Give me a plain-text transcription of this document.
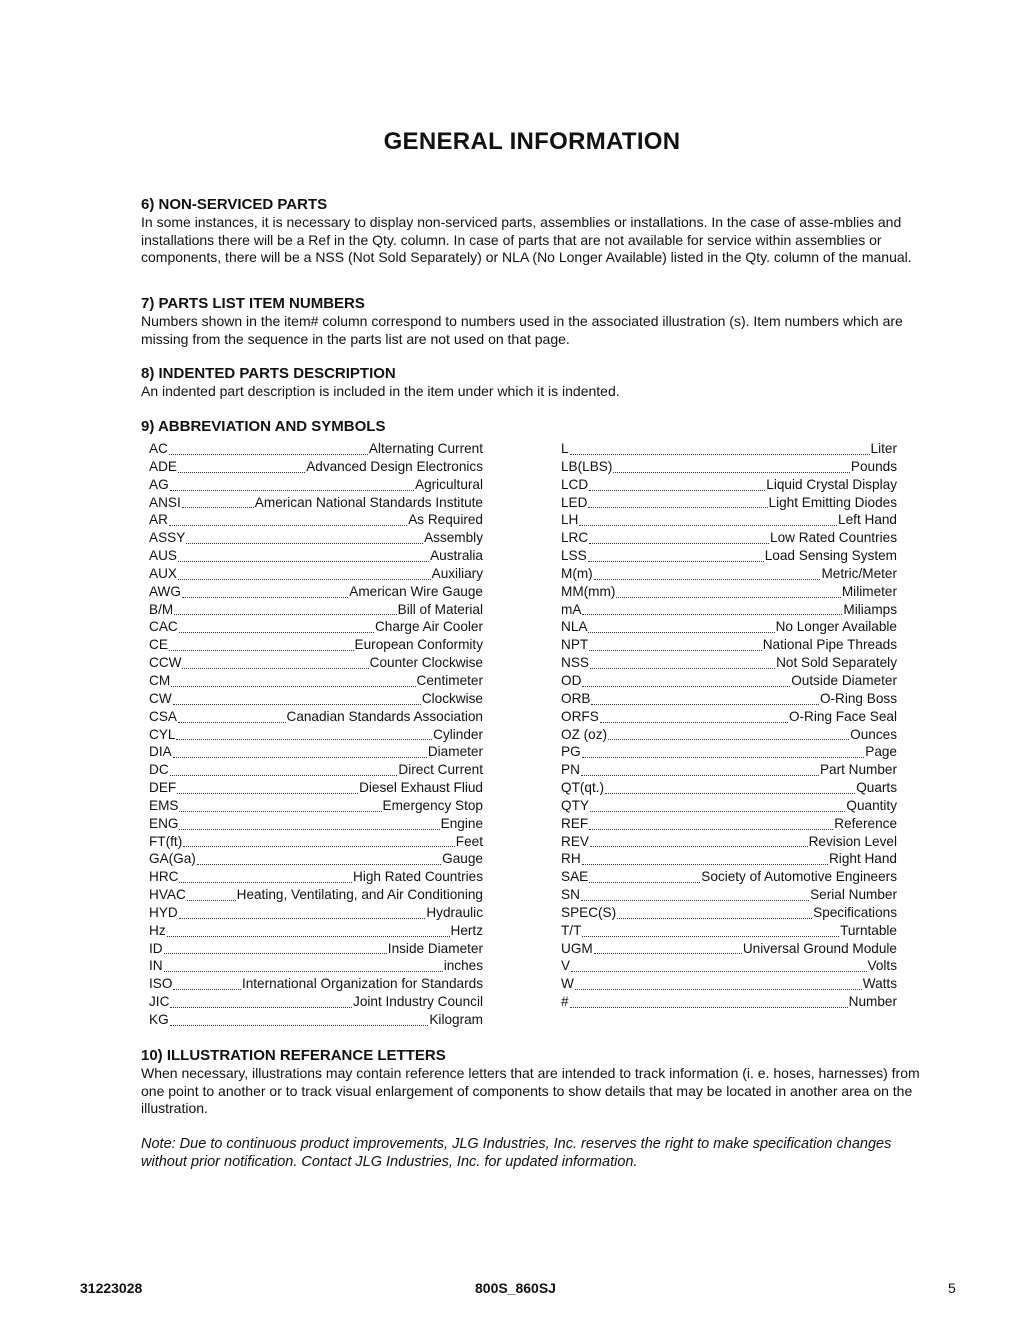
GENERAL INFORMATION
6) NON-SERVICED PARTS
In some instances, it is necessary to display non-serviced parts, assemblies or installations. In the case of asse-mblies and installations there will be a Ref in the Qty. column. In case of parts that are not available for service within assemblies or components, there will be a NSS (Not Sold Separately) or NLA (No Longer Available) listed in the Qty. column of the manual.
7) PARTS LIST ITEM NUMBERS
Numbers shown in the item# column correspond to numbers used in the associated illustration (s). Item numbers which are missing from the sequence in the parts list are not used on that page.
8) INDENTED PARTS DESCRIPTION
An indented part description is included in the item under which it is indented.
9) ABBREVIATION AND SYMBOLS
AC	Alternating Current
ADE	Advanced Design Electronics
AG	Agricultural
ANSI	American National Standards Institute
AR	As Required
ASSY	Assembly
AUS	Australia
AUX	Auxiliary
AWG	American Wire Gauge
B/M	Bill of Material
CAC	Charge Air Cooler
CE	European Conformity
CCW	Counter Clockwise
CM	Centimeter
CW	Clockwise
CSA	Canadian Standards Association
CYL	Cylinder
DIA	Diameter
DC	Direct Current
DEF	Diesel Exhaust Fliud
EMS	Emergency Stop
ENG	Engine
FT(ft)	Feet
GA(Ga)	Gauge
HRC	High Rated Countries
HVAC	Heating, Ventilating, and Air Conditioning
HYD	Hydraulic
Hz	Hertz
ID	Inside Diameter
IN	inches
ISO	International Organization for Standards
JIC	Joint Industry Council
KG	Kilogram
L	Liter
LB(LBS)	Pounds
LCD	Liquid Crystal Display
LED	Light Emitting Diodes
LH	Left Hand
LRC	Low Rated Countries
LSS	Load Sensing System
M(m)	Metric/Meter
MM(mm)	Milimeter
mA	Miliamps
NLA	No Longer Available
NPT	National Pipe Threads
NSS	Not Sold Separately
OD	Outside Diameter
ORB	O-Ring Boss
ORFS	O-Ring Face Seal
OZ (oz)	Ounces
PG	Page
PN	Part Number
QT(qt.)	Quarts
QTY	Quantity
REF	Reference
REV	Revision Level
RH	Right Hand
SAE	Society of Automotive Engineers
SN	Serial Number
SPEC(S)	Specifications
T/T	Turntable
UGM	Universal Ground Module
V	Volts
W	Watts
#	Number
10) ILLUSTRATION REFERANCE LETTERS
When necessary, illustrations may contain reference letters that are intended to track information (i. e. hoses, harnesses) from one point to another or to track visual enlargement of components to show details that may be located in another area on the illustration.
Note: Due to continuous product improvements, JLG Industries, Inc. reserves the right to make specification changes without prior notification. Contact JLG Industries, Inc. for updated information.
31223028	800S_860SJ	5
